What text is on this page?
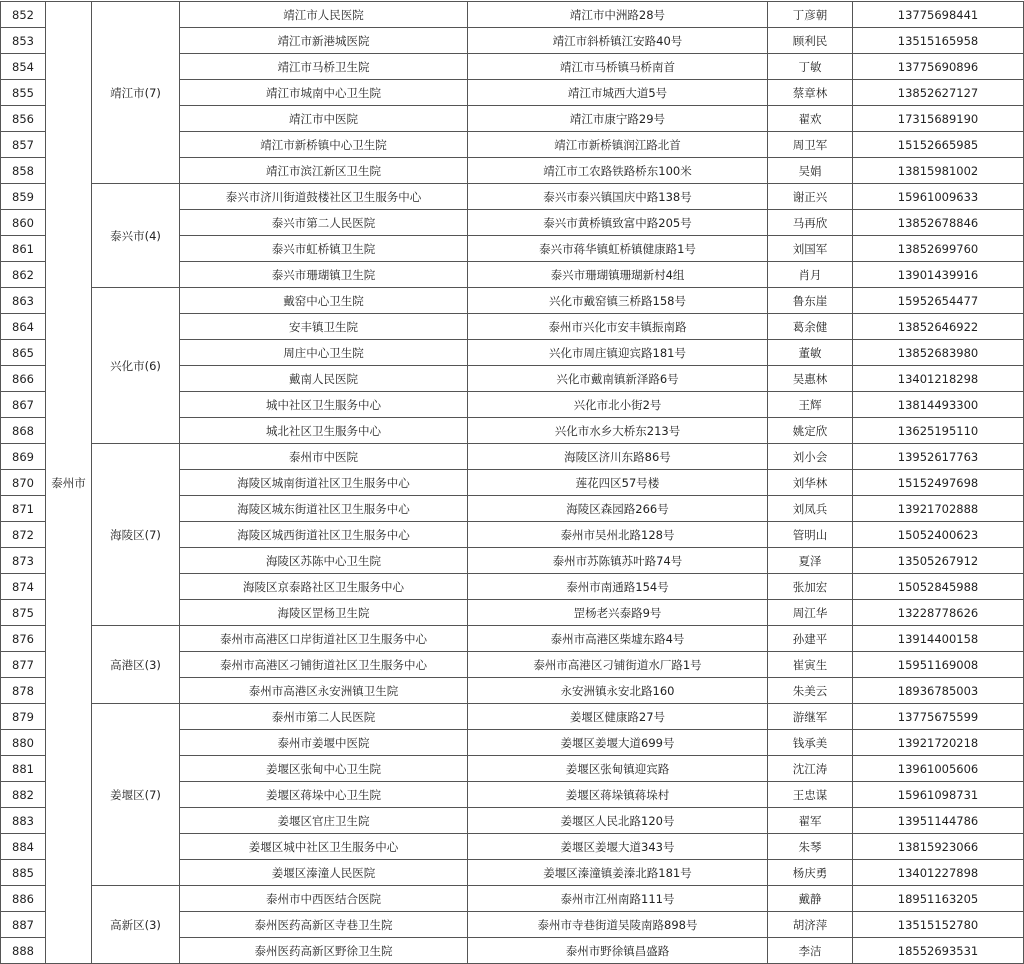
852	泰州市	靖江市(7)	靖江市人民医院	靖江市中洲路28号	丁彦朝	13775698441
853			靖江市新港城医院	靖江市斜桥镇江安路40号	顾利民	13515165958
854			靖江市马桥卫生院	靖江市马桥镇马桥南首	丁敏	13775690896
855			靖江市城南中心卫生院	靖江市城西大道5号	蔡章林	13852627127
856			靖江市中医院	靖江市康宁路29号	翟欢	17315689190
857			靖江市新桥镇中心卫生院	靖江市新桥镇润江路北首	周卫军	15152665985
858			靖江市滨江新区卫生院	靖江市工农路铁路桥东100米	吴娟	13815981002
859		泰兴市(4)	泰兴市济川街道鼓楼社区卫生服务中心	泰兴市泰兴镇国庆中路138号	谢正兴	15961009633
860			泰兴市第二人民医院	泰兴市黄桥镇致富中路205号	马再欣	13852678846
861			泰兴市虹桥镇卫生院	泰兴市蒋华镇虹桥镇健康路1号	刘国军	13852699760
862			泰兴市珊瑚镇卫生院	泰兴市珊瑚镇珊瑚新村4组	肖月	13901439916
863		兴化市(6)	戴窑中心卫生院	兴化市戴窑镇三桥路158号	鲁东崖	15952654477
864			安丰镇卫生院	泰州市兴化市安丰镇振南路	葛余健	13852646922
865			周庄中心卫生院	兴化市周庄镇迎宾路181号	董敏	13852683980
866			戴南人民医院	兴化市戴南镇新泽路6号	吴惠林	13401218298
867			城中社区卫生服务中心	兴化市北小街2号	王辉	13814493300
868			城北社区卫生服务中心	兴化市水乡大桥东213号	姚定欣	13625195110
869		海陵区(7)	泰州市中医院	海陵区济川东路86号	刘小会	13952617763
870			海陵区城南街道社区卫生服务中心	莲花四区57号楼	刘华林	15152497698
871			海陵区城东街道社区卫生服务中心	海陵区森园路266号	刘凤兵	13921702888
872			海陵区城西街道社区卫生服务中心	泰州市吴州北路128号	管明山	15052400623
873			海陵区苏陈中心卫生院	泰州市苏陈镇苏叶路74号	夏泽	13505267912
874			海陵区京泰路社区卫生服务中心	泰州市南通路154号	张加宏	15052845988
875			海陵区罡杨卫生院	罡杨老兴泰路9号	周江华	13228778626
876		高港区(3)	泰州市高港区口岸街道社区卫生服务中心	泰州市高港区柴墟东路4号	孙建平	13914400158
877			泰州市高港区刁铺街道社区卫生服务中心	泰州市高港区刁铺街道水厂路1号	崔寅生	15951169008
878			泰州市高港区永安洲镇卫生院	永安洲镇永安北路160	朱美云	18936785003
879		姜堰区(7)	泰州市第二人民医院	姜堰区健康路27号	游继军	13775675599
880			泰州市姜堰中医院	姜堰区姜堰大道699号	钱承美	13921720218
881			姜堰区张甸中心卫生院	姜堰区张甸镇迎宾路	沈江涛	13961005606
882			姜堰区蒋垛中心卫生院	姜堰区蒋垛镇蒋垛村	王忠谋	15961098731
883			姜堰区官庄卫生院	姜堰区人民北路120号	翟军	13951144786
884			姜堰区城中社区卫生服务中心	姜堰区姜堰大道343号	朱琴	13815923066
885			姜堰区溱潼人民医院	姜堰区溱潼镇姜溱北路181号	杨庆勇	13401227898
886		高新区(3)	泰州市中西医结合医院	泰州市江州南路111号	戴静	18951163205
887			泰州医药高新区寺巷卫生院	泰州市寺巷街道吴陵南路898号	胡济萍	13515152780
888			泰州医药高新区野徐卫生院	泰州市野徐镇昌盛路	李洁	18552693531
